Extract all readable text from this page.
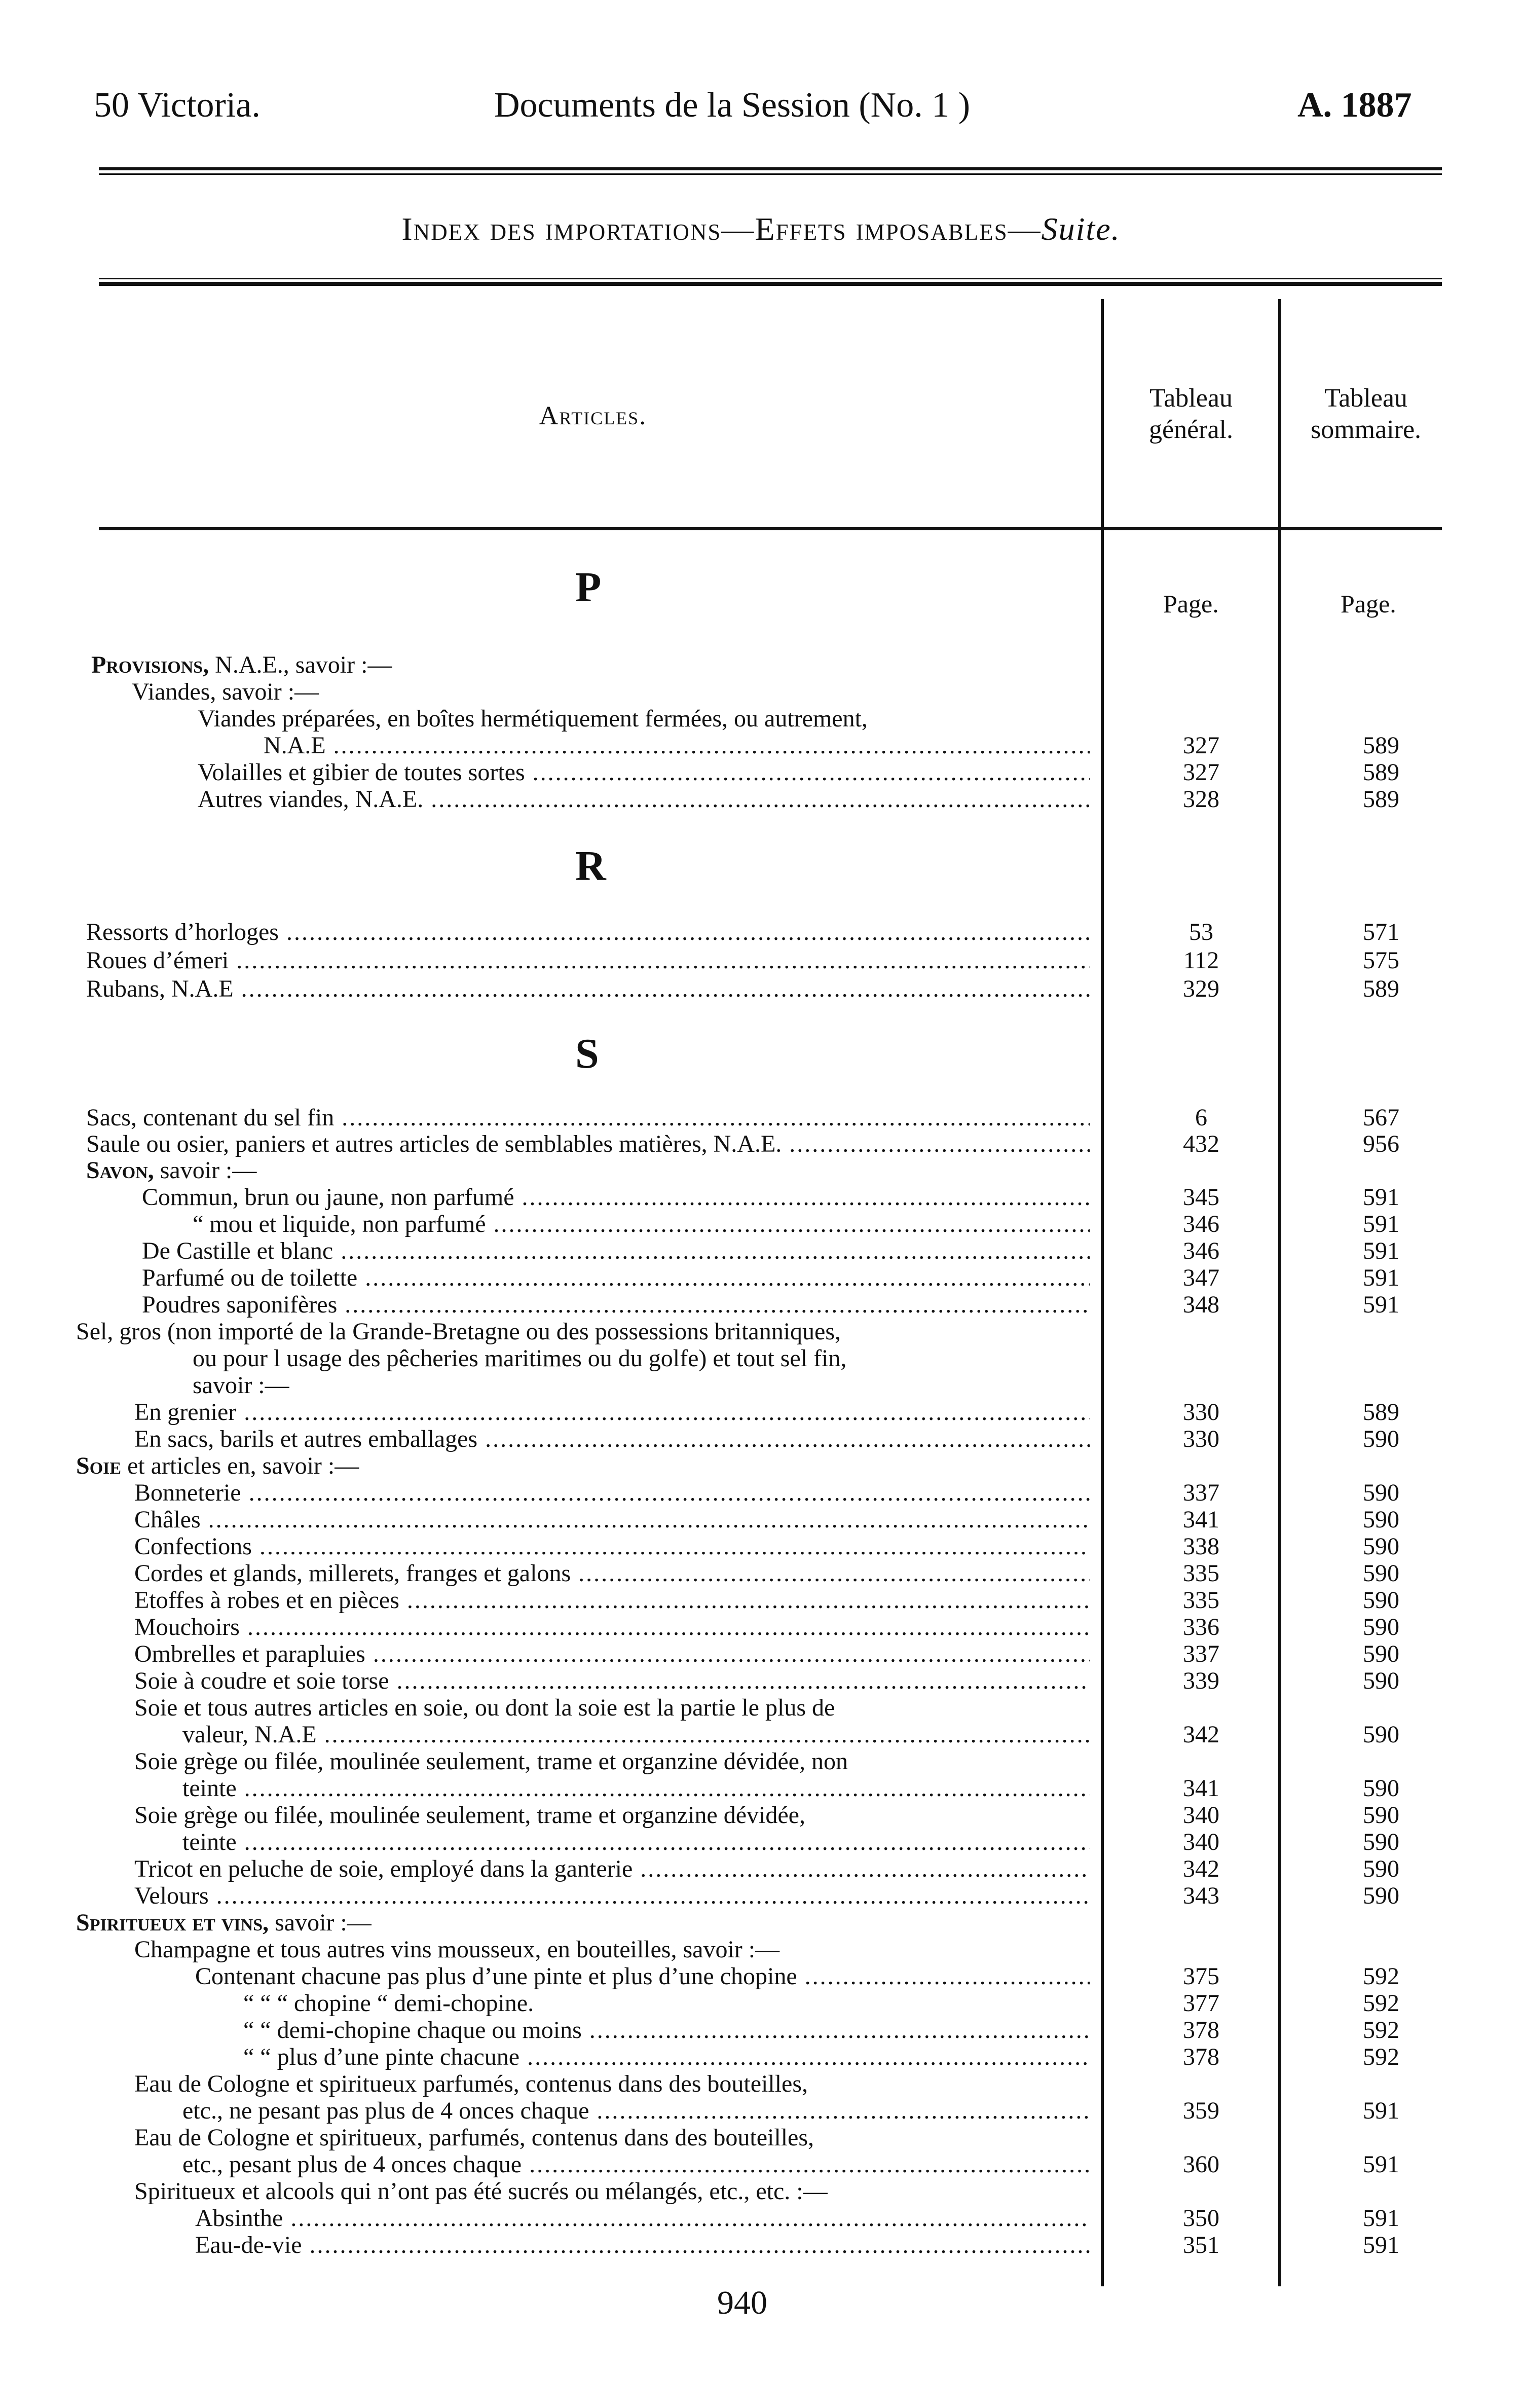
50 Victoria.	Documents de la Session (No. 1 )	A. 1887
Index des importations—Effets imposables—Suite.
Articles.
Tableau
général.
Tableau
sommaire.
P	Page.	Page.
R
S
Provisions, N.A.E., savoir :—
Viandes, savoir :—
Viandes préparées, en boîtes hermétiquement fermées, ou autrement,
N.A.E .....	327	589
Volailles et gibier de toutes sortes .....	327	589
Autres viandes, N.A.E. .....	328	589
Ressorts d’horloges .....	53	571
Roues d’émeri .....	112	575
Rubans, N.A.E .....	329	589
Sacs, contenant du sel fin .....	6	567
Saule ou osier, paniers et autres articles de semblables matières, N.A.E. .....	432	956
Savon, savoir :—
Commun, brun ou jaune, non parfumé .....	345	591
“ mou et liquide, non parfumé .....	346	591
De Castille et blanc .....	346	591
Parfumé ou de toilette .....	347	591
Poudres saponifères .....	348	591
Sel, gros (non importé de la Grande-Bretagne ou des possessions britanniques,
ou pour l usage des pêcheries maritimes ou du golfe) et tout sel fin,
savoir :—
En grenier .....	330	589
En sacs, barils et autres emballages .....	330	590
Soie et articles en, savoir :—
Bonneterie .....	337	590
Châles .....	341	590
Confections .....	338	590
Cordes et glands, millerets, franges et galons .....	335	590
Etoffes à robes et en pièces .....	335	590
Mouchoirs .....	336	590
Ombrelles et parapluies .....	337	590
Soie à coudre et soie torse .....	339	590
Soie et tous autres articles en soie, ou dont la soie est la partie le plus de
valeur, N.A.E .....	342	590
Soie grège ou filée, moulinée seulement, trame et organzine dévidée, non
teinte .....	341	590
Soie grège ou filée, moulinée seulement, trame et organzine dévidée,	340	590
teinte .....	340	590
Tricot en peluche de soie, employé dans la ganterie .....	342	590
Velours .....	343	590
Spiritueux et vins, savoir :—
Champagne et tous autres vins mousseux, en bouteilles, savoir :—
Contenant chacune pas plus d’une pinte et plus d’une chopine .....	375	592
“ “ “ chopine “ demi-chopine.	377	592
“ “ demi-chopine chaque ou moins .....	378	592
“ “ plus d’une pinte chacune .....	378	592
Eau de Cologne et spiritueux parfumés, contenus dans des bouteilles,
etc., ne pesant pas plus de 4 onces chaque .....	359	591
Eau de Cologne et spiritueux, parfumés, contenus dans des bouteilles,
etc., pesant plus de 4 onces chaque .....	360	591
Spiritueux et alcools qui n’ont pas été sucrés ou mélangés, etc., etc. :—
Absinthe .....	350	591
Eau-de-vie .....	351	591
940
